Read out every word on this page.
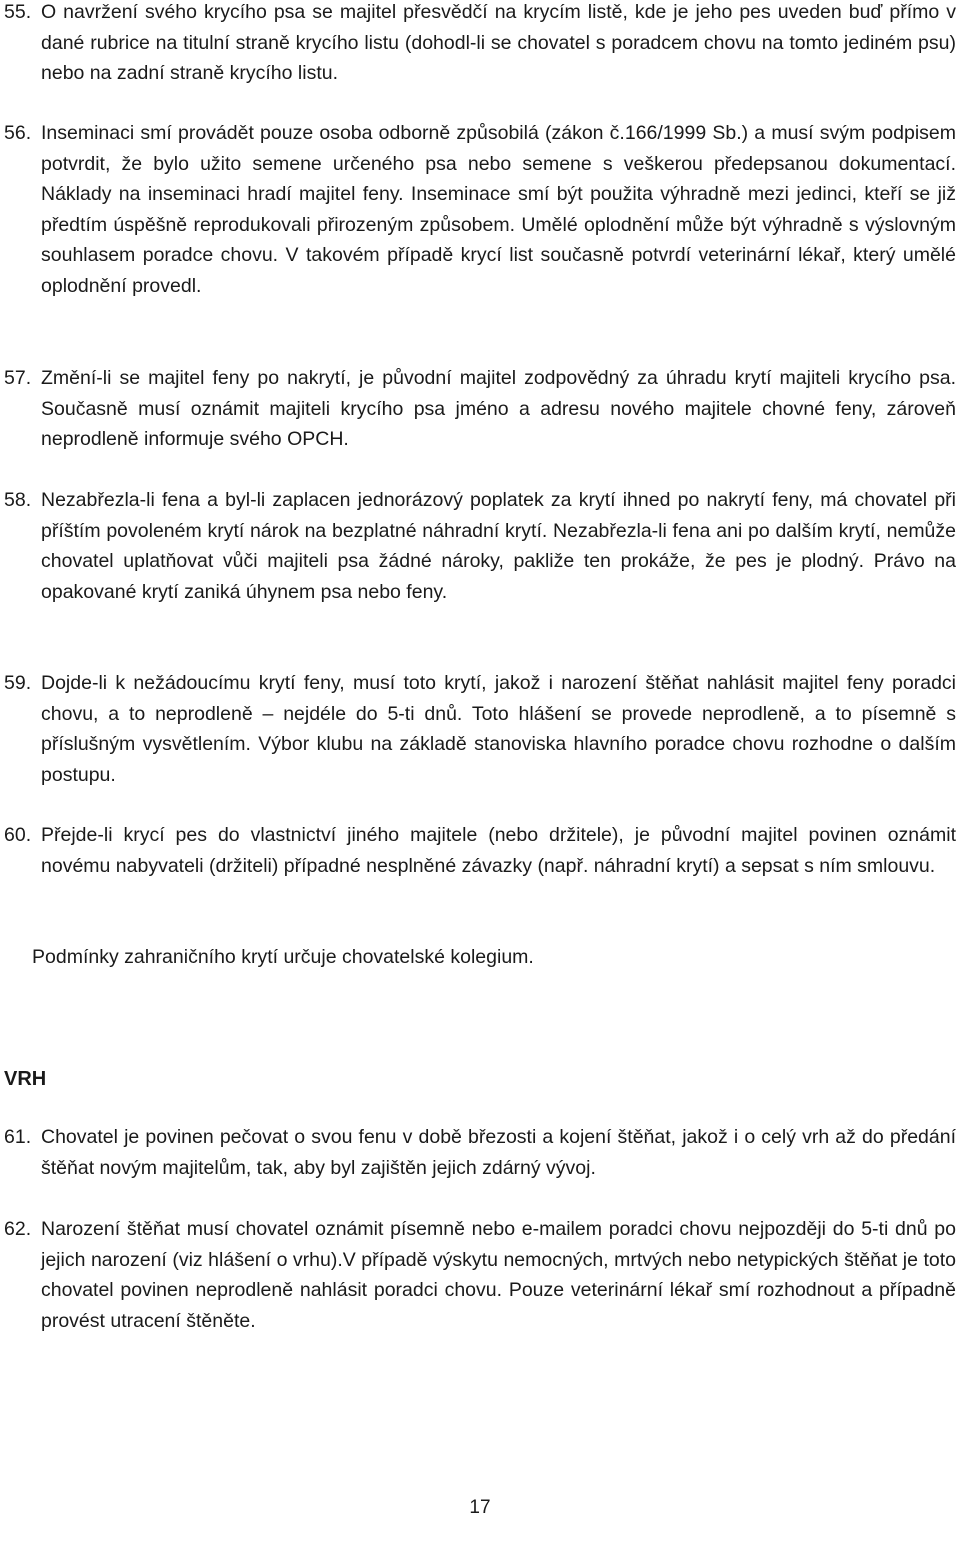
55. O navržení svého krycího psa se majitel přesvědčí na krycím listě, kde je jeho pes uveden buď přímo v dané rubrice na titulní straně krycího listu (dohodl-li se chovatel s poradcem chovu na tomto jediném psu) nebo na zadní straně krycího listu.
56. Inseminaci smí provádět pouze osoba odborně způsobilá (zákon č.166/1999 Sb.) a musí svým podpisem potvrdit, že bylo užito semene určeného psa nebo semene s veškerou předepsanou dokumentací. Náklady na inseminaci hradí majitel feny. Inseminace smí být použita výhradně mezi jedinci, kteří se již předtím úspěšně reprodukovali přirozeným způsobem. Umělé oplodnění může být výhradně s výslovným souhlasem poradce chovu. V takovém případě krycí list současně potvrdí veterinární lékař, který umělé oplodnění provedl.
57. Změní-li se majitel feny po nakrytí, je původní majitel zodpovědný za úhradu krytí majiteli krycího psa. Současně musí oznámit majiteli krycího psa jméno a adresu nového majitele chovné feny, zároveň neprodleně informuje svého OPCH.
58. Nezabřezla-li fena a byl-li zaplacen jednorázový poplatek za krytí ihned po nakrytí feny, má chovatel při příštím povoleném krytí nárok na bezplatné náhradní krytí. Nezabřezla-li fena ani po dalším krytí, nemůže chovatel uplatňovat vůči majiteli psa žádné nároky, pakliže ten prokáže, že pes je plodný. Právo na opakované krytí zaniká úhynem psa nebo feny.
59. Dojde-li k nežádoucímu krytí feny, musí toto krytí, jakož i narození štěňat nahlásit majitel feny poradci chovu, a to neprodleně – nejdéle do 5-ti dnů. Toto hlášení se provede neprodleně, a to písemně s příslušným vysvětlením. Výbor klubu na základě stanoviska hlavního poradce chovu rozhodne o dalším postupu.
60. Přejde-li krycí pes do vlastnictví jiného majitele (nebo držitele), je původní majitel povinen oznámit novému nabyvateli (držiteli) případné nesplněné závazky (např. náhradní krytí) a sepsat s ním smlouvu.
Podmínky zahraničního krytí určuje chovatelské kolegium.
VRH
61. Chovatel je povinen pečovat o svou fenu v době březosti a kojení štěňat, jakož i o celý vrh až do předání štěňat novým majitelům, tak, aby byl zajištěn jejich zdárný vývoj.
62. Narození štěňat musí chovatel oznámit písemně nebo e-mailem poradci chovu nejpozději do 5-ti dnů po jejich narození (viz hlášení o vrhu).V případě výskytu nemocných, mrtvých nebo netypických štěňat je toto chovatel povinen neprodleně nahlásit poradci chovu. Pouze veterinární lékař smí rozhodnout a případně provést utracení štěněte.
17
